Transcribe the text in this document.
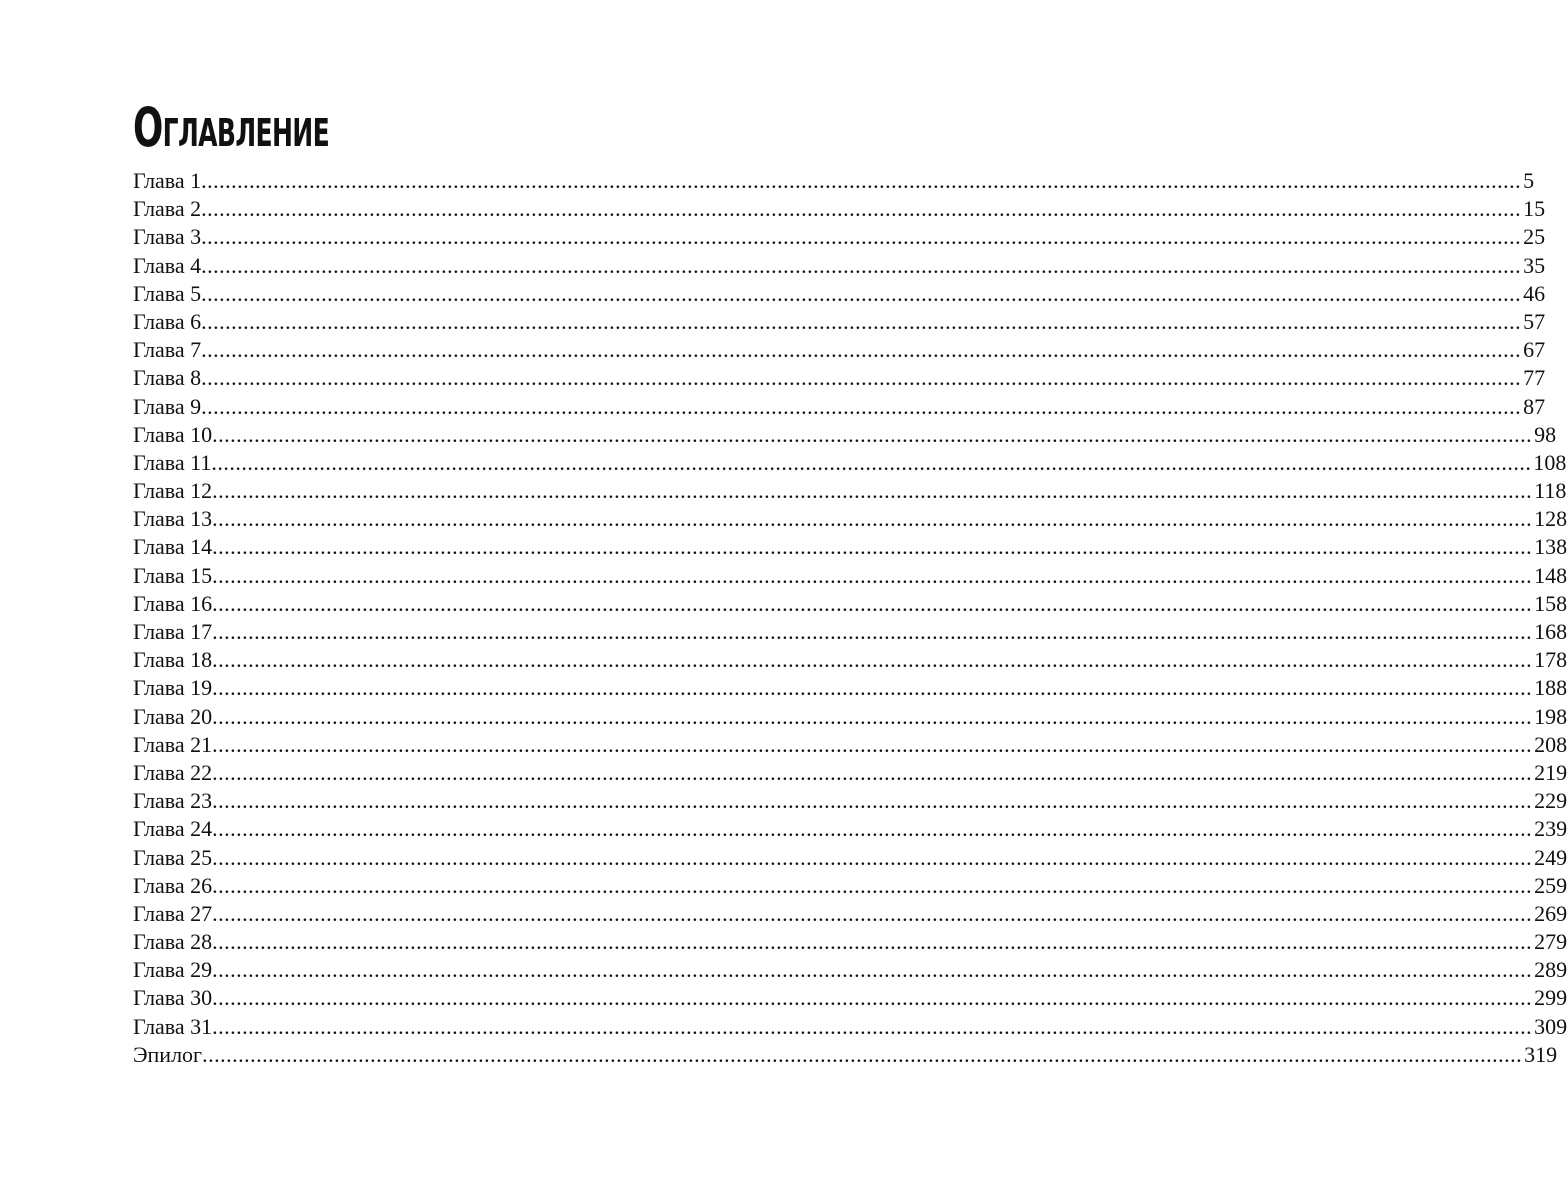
Оглавление
Глава 1 ............................................................................................................................................................................................................................ 5
Глава 2 ............................................................................................................................................................................................................................ 15
Глава 3 ............................................................................................................................................................................................................................ 25
Глава 4 ............................................................................................................................................................................................................................ 35
Глава 5 ............................................................................................................................................................................................................................ 46
Глава 6 ............................................................................................................................................................................................................................ 57
Глава 7 ............................................................................................................................................................................................................................ 67
Глава 8 ............................................................................................................................................................................................................................ 77
Глава 9 ............................................................................................................................................................................................................................ 87
Глава 10 ............................................................................................................................................................................................................................ 98
Глава 11 ............................................................................................................................................................................................................................ 108
Глава 12 ............................................................................................................................................................................................................................ 118
Глава 13 ............................................................................................................................................................................................................................ 128
Глава 14 ............................................................................................................................................................................................................................ 138
Глава 15 ............................................................................................................................................................................................................................ 148
Глава 16 ............................................................................................................................................................................................................................ 158
Глава 17 ............................................................................................................................................................................................................................ 168
Глава 18 ............................................................................................................................................................................................................................ 178
Глава 19 ............................................................................................................................................................................................................................ 188
Глава 20 ............................................................................................................................................................................................................................ 198
Глава 21 ............................................................................................................................................................................................................................ 208
Глава 22 ............................................................................................................................................................................................................................ 219
Глава 23 ............................................................................................................................................................................................................................ 229
Глава 24 ............................................................................................................................................................................................................................ 239
Глава 25 ............................................................................................................................................................................................................................ 249
Глава 26 ............................................................................................................................................................................................................................ 259
Глава 27 ............................................................................................................................................................................................................................ 269
Глава 28 ............................................................................................................................................................................................................................ 279
Глава 29 ............................................................................................................................................................................................................................ 289
Глава 30 ............................................................................................................................................................................................................................ 299
Глава 31 ............................................................................................................................................................................................................................ 309
Эпилог ............................................................................................................................................................................................................................ 319
